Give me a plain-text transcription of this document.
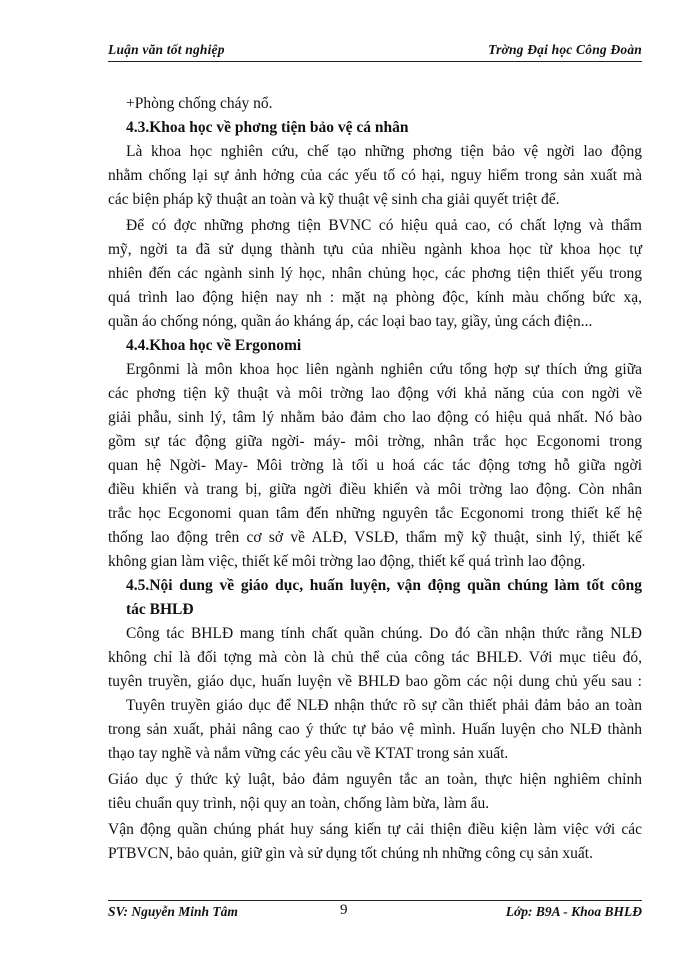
Luận văn tốt nghiệp	Trờng Đại học Công Đoàn
+Phòng chống cháy nổ.
4.3.Khoa học về phơng tiện bảo vệ cá nhân
Là khoa học nghiên cứu, chế tạo những phơng tiện bảo vệ ngời lao động
nhằm chống lại sự ảnh hởng của các yếu tố có hại, nguy hiểm trong sản xuất mà
các biện pháp kỹ thuật an toàn và kỹ thuật vệ sinh cha giải quyết triệt để.
Để có đợc những phơng tiện BVNC có hiệu quả cao, có chất lợng và thẩm
mỹ, ngời ta đã sử dụng thành tựu của nhiều ngành khoa học từ khoa học tự
nhiên đến các ngành sinh lý học, nhân chủng học, các phơng tiện thiết yếu trong
quá trình lao động hiện nay nh : mặt nạ phòng độc, kính màu chống bức xạ,
quần áo chống nóng, quần áo kháng áp, các loại bao tay, giầy, ủng cách điện...
4.4.Khoa học về Ergonomi
Ergônmi là môn khoa học liên ngành nghiên cứu tổng hợp sự thích ứng giữa
các phơng tiện kỹ thuật và môi trờng lao động với khả năng của con ngời về
giải phẫu, sinh lý, tâm lý nhằm bảo đảm cho lao động có hiệu quả nhất. Nó bào
gồm sự tác động giữa ngời- máy- môi trờng, nhân trắc học Ecgonomi trong
quan hệ Ngời- May- Môi trờng là tối u hoá các tác động tơng hỗ giữa ngời
điều khiển và trang bị, giữa ngời điều khiển và môi trờng lao động. Còn nhân
trắc học Ecgonomi quan tâm đến những nguyên tắc Ecgonomi trong thiết kế hệ
thống lao động trên cơ sở về ALĐ, VSLĐ, thẩm mỹ kỹ thuật, sinh lý, thiết kế
không gian làm việc, thiết kế môi trờng lao động, thiết kế quá trình lao động.
4.5.Nội dung về giáo dục, huấn luyện, vận động quần chúng làm tốt công
tác BHLĐ
Công tác BHLĐ mang tính chất quần chúng. Do đó cần nhận thức rằng NLĐ
không chỉ là đối tợng mà còn là chủ thể của công tác BHLĐ. Với mục tiêu đó,
tuyên truyền, giáo dục, huấn luyện về BHLĐ bao gồm các nội dung chủ yếu sau :
Tuyên truyền giáo dục để NLĐ nhận thức rõ sự cần thiết phải đảm bảo an toàn
trong sản xuất, phải nâng cao ý thức tự bảo vệ mình. Huấn luyện cho NLĐ thành
thạo tay nghề và nắm vững các yêu cầu về KTAT trong sản xuất.
Giáo dục ý thức kỷ luật, bảo đảm nguyên tắc an toàn, thực hiện nghiêm chỉnh
tiêu chuẩn quy trình, nội quy an toàn, chống làm bừa, làm ẩu.
Vận động quần chúng phát huy sáng kiến tự cải thiện điều kiện làm việc với các
PTBVCN, bảo quản, giữ gìn và sử dụng tốt chúng nh những công cụ sản xuất.
SV: Nguyễn Minh Tâm	9	Lớp: B9A - Khoa BHLĐ
